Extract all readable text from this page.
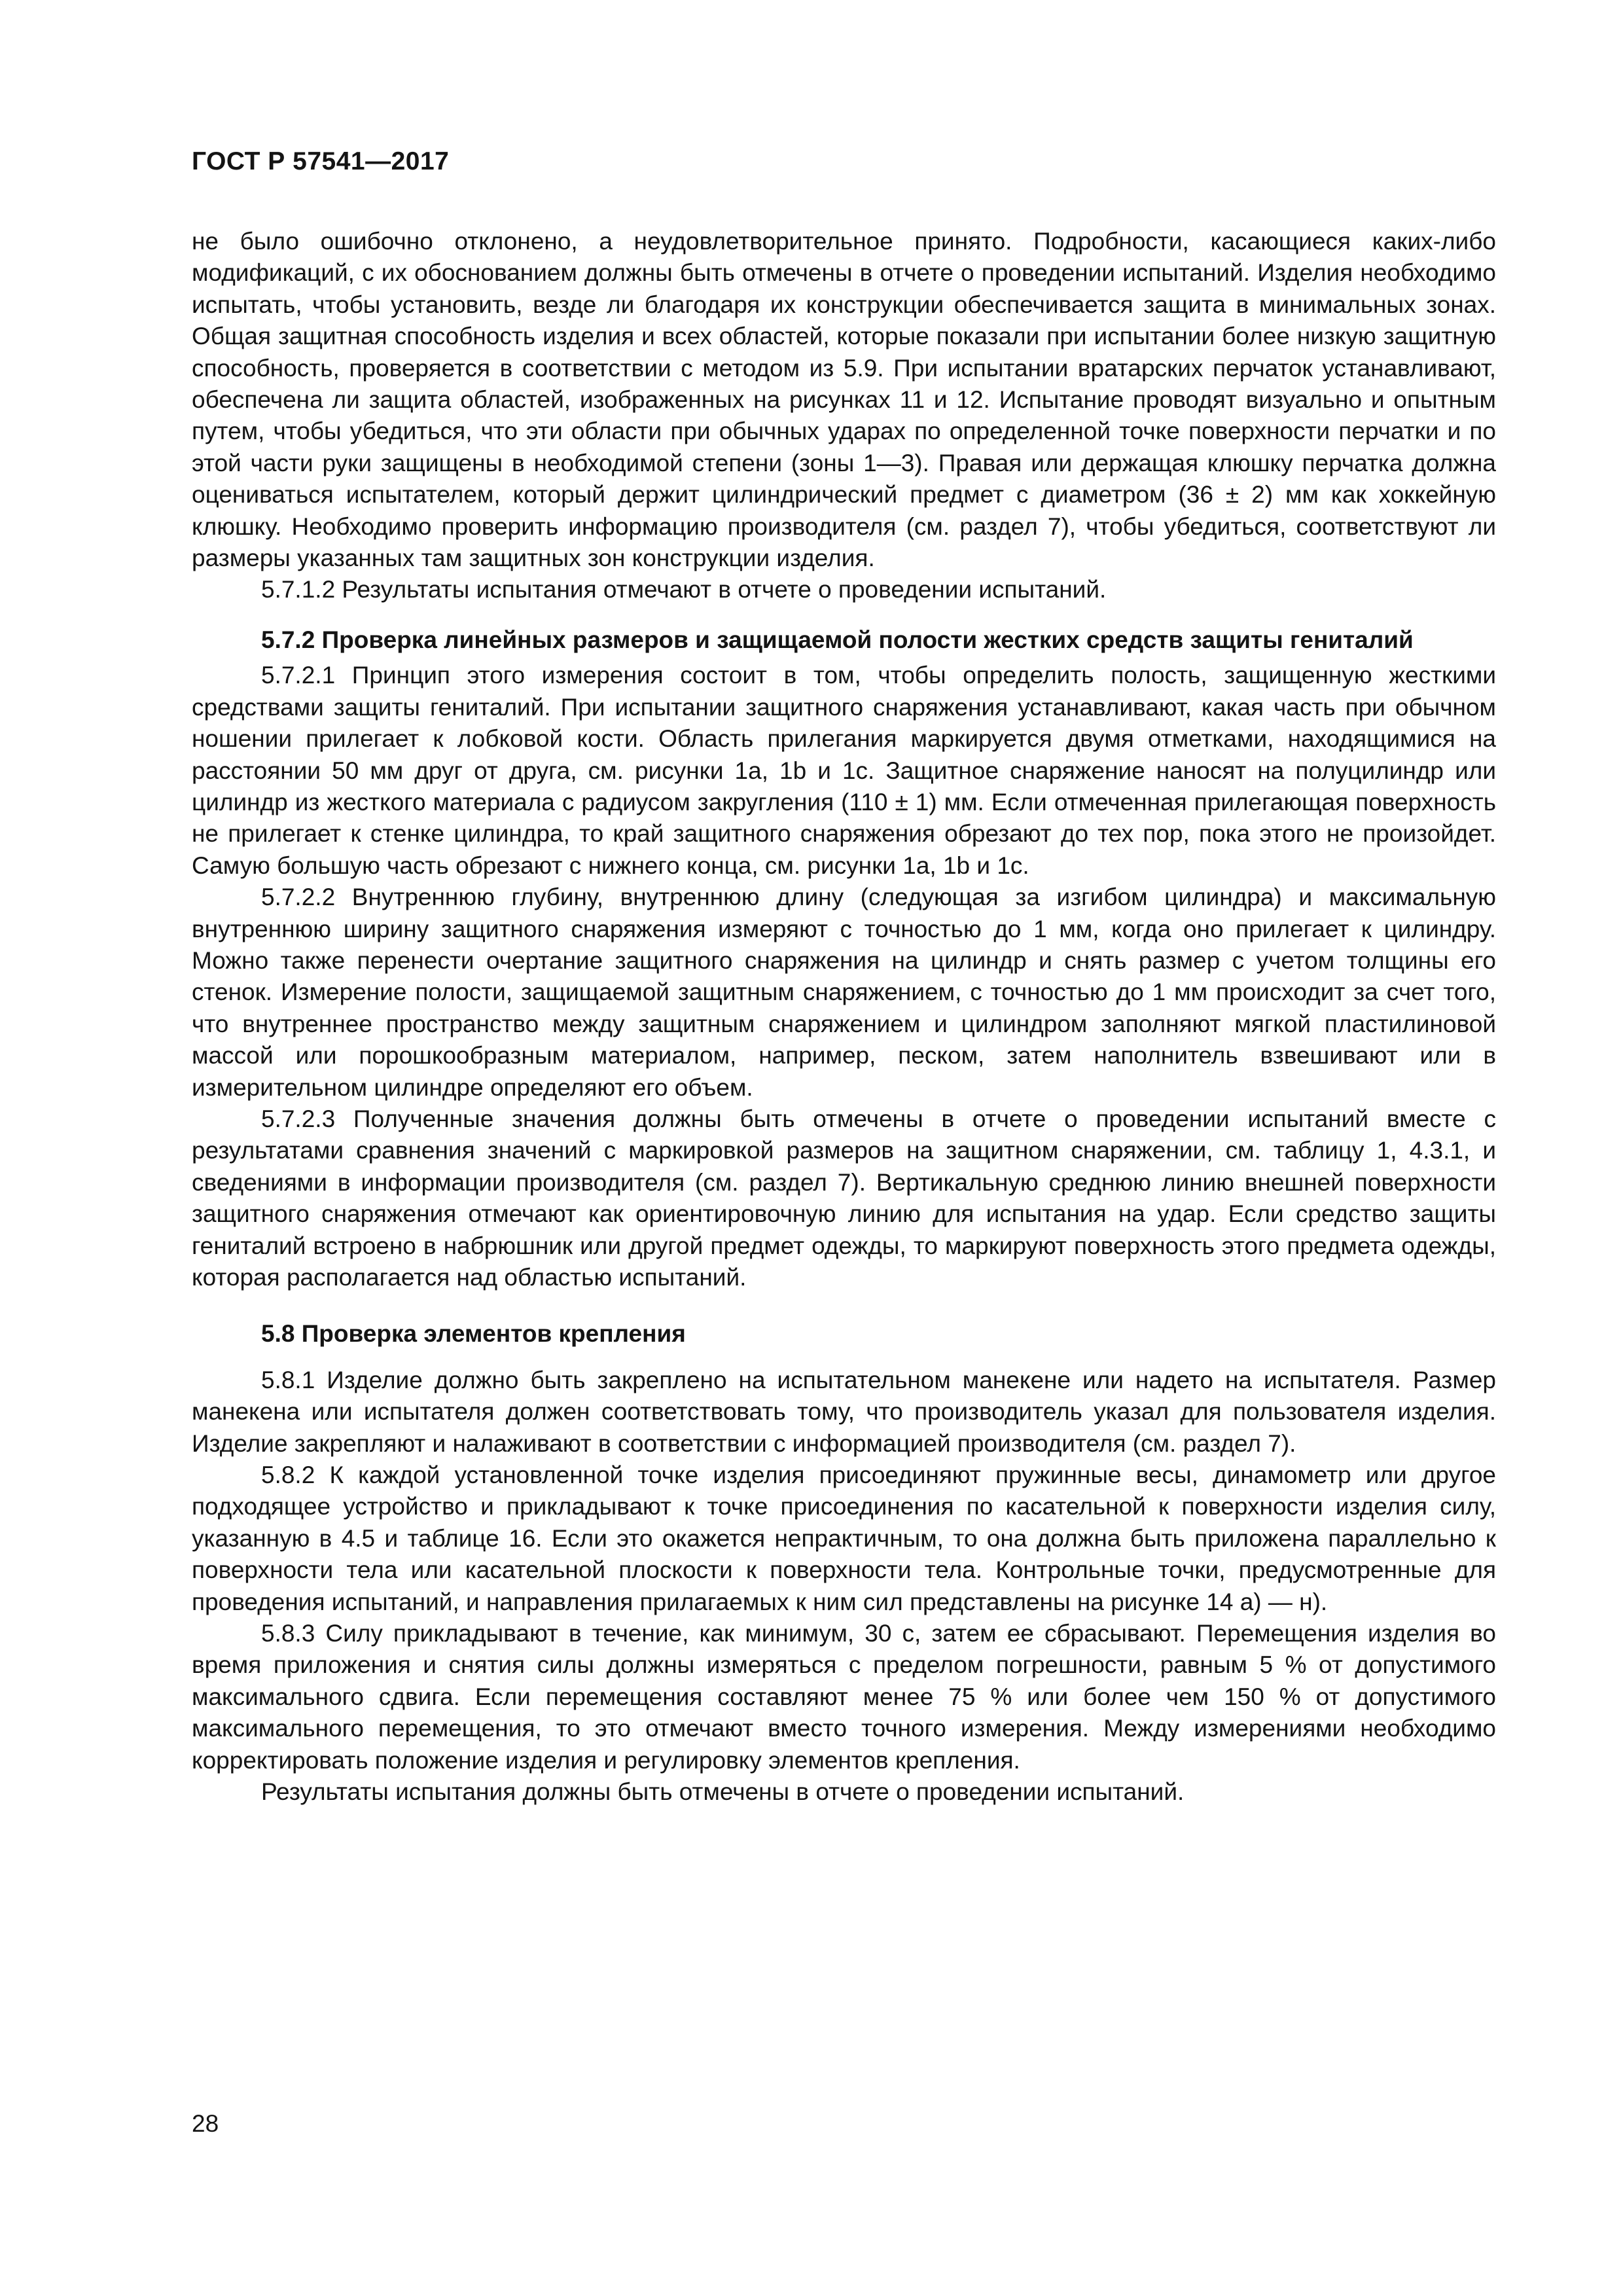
ГОСТ Р 57541—2017

не было ошибочно отклонено, а неудовлетворительное принято. Подробности, касающиеся каких-либо модификаций, с их обоснованием должны быть отмечены в отчете о проведении испытаний. Изделия необходимо испытать, чтобы установить, везде ли благодаря их конструкции обеспечивается защита в минимальных зонах. Общая защитная способность изделия и всех областей, которые показали при испытании более низкую защитную способность, проверяется в соответствии с методом из 5.9. При испытании вратарских перчаток устанавливают, обеспечена ли защита областей, изображенных на рисунках 11 и 12. Испытание проводят визуально и опытным путем, чтобы убедиться, что эти области при обычных ударах по определенной точке поверхности перчатки и по этой части руки защищены в необходимой степени (зоны 1—3). Правая или держащая клюшку перчатка должна оцениваться испытателем, который держит цилиндрический предмет с диаметром (36 ± 2) мм как хоккейную клюшку. Необходимо проверить информацию производителя (см. раздел 7), чтобы убедиться, соответствуют ли размеры указанных там защитных зон конструкции изделия.

5.7.1.2 Результаты испытания отмечают в отчете о проведении испытаний.

5.7.2 Проверка линейных размеров и защищаемой полости жестких средств защиты гениталий

5.7.2.1 Принцип этого измерения состоит в том, чтобы определить полость, защищенную жесткими средствами защиты гениталий. При испытании защитного снаряжения устанавливают, какая часть при обычном ношении прилегает к лобковой кости. Область прилегания маркируется двумя отметками, находящимися на расстоянии 50 мм друг от друга, см. рисунки 1a, 1b и 1c. Защитное снаряжение наносят на полуцилиндр или цилиндр из жесткого материала с радиусом закругления (110 ± 1) мм. Если отмеченная прилегающая поверхность не прилегает к стенке цилиндра, то край защитного снаряжения обрезают до тех пор, пока этого не произойдет. Самую большую часть обрезают с нижнего конца, см. рисунки 1a, 1b и 1c.

5.7.2.2 Внутреннюю глубину, внутреннюю длину (следующая за изгибом цилиндра) и максимальную внутреннюю ширину защитного снаряжения измеряют с точностью до 1 мм, когда оно прилегает к цилиндру. Можно также перенести очертание защитного снаряжения на цилиндр и снять размер с учетом толщины его стенок. Измерение полости, защищаемой защитным снаряжением, с точностью до 1 мм происходит за счет того, что внутреннее пространство между защитным снаряжением и цилиндром заполняют мягкой пластилиновой массой или порошкообразным материалом, например, песком, затем наполнитель взвешивают или в измерительном цилиндре определяют его объем.

5.7.2.3 Полученные значения должны быть отмечены в отчете о проведении испытаний вместе с результатами сравнения значений с маркировкой размеров на защитном снаряжении, см. таблицу 1, 4.3.1, и сведениями в информации производителя (см. раздел 7). Вертикальную среднюю линию внешней поверхности защитного снаряжения отмечают как ориентировочную линию для испытания на удар. Если средство защиты гениталий встроено в набрюшник или другой предмет одежды, то маркируют поверхность этого предмета одежды, которая располагается над областью испытаний.

5.8 Проверка элементов крепления

5.8.1 Изделие должно быть закреплено на испытательном манекене или надето на испытателя. Размер манекена или испытателя должен соответствовать тому, что производитель указал для пользователя изделия. Изделие закрепляют и налаживают в соответствии с информацией производителя (см. раздел 7).

5.8.2 К каждой установленной точке изделия присоединяют пружинные весы, динамометр или другое подходящее устройство и прикладывают к точке присоединения по касательной к поверхности изделия силу, указанную в 4.5 и таблице 16. Если это окажется непрактичным, то она должна быть приложена параллельно к поверхности тела или касательной плоскости к поверхности тела. Контрольные точки, предусмотренные для проведения испытаний, и направления прилагаемых к ним сил представлены на рисунке 14 а) — н).

5.8.3 Силу прикладывают в течение, как минимум, 30 с, затем ее сбрасывают. Перемещения изделия во время приложения и снятия силы должны измеряться с пределом погрешности, равным 5 % от допустимого максимального сдвига. Если перемещения составляют менее 75 % или более чем 150 % от допустимого максимального перемещения, то это отмечают вместо точного измерения. Между измерениями необходимо корректировать положение изделия и регулировку элементов крепления.

Результаты испытания должны быть отмечены в отчете о проведении испытаний.

28
